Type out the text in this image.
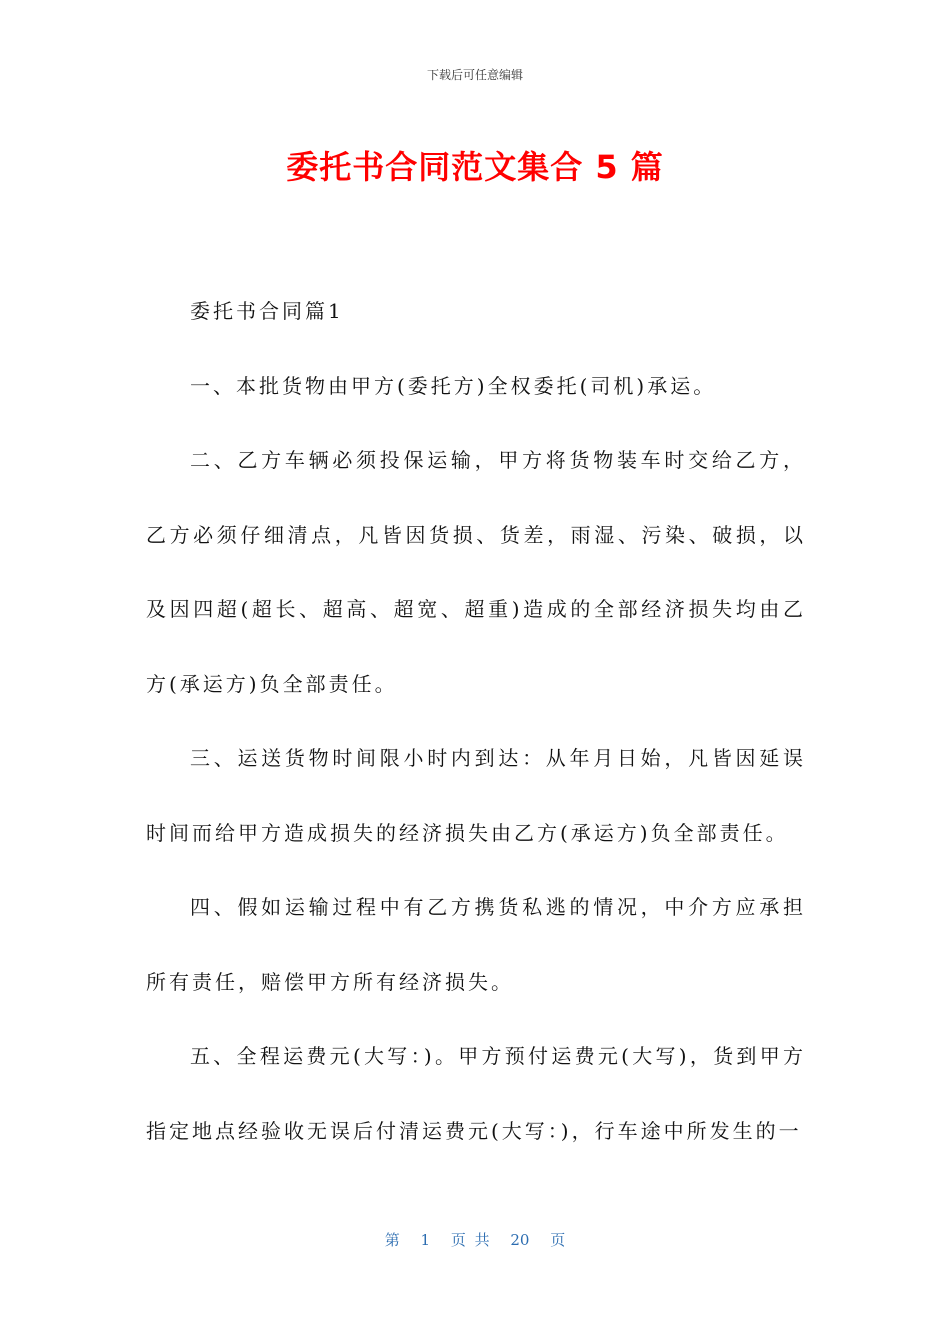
下载后可任意编辑
委托书合同范文集合 5 篇

委托书合同篇1

一、本批货物由甲方(委托方)全权委托(司机)承运。

二、乙方车辆必须投保运输，甲方将货物装车时交给乙方，乙方必须仔细清点，凡皆因货损、货差，雨湿、污染、破损，以及因四超(超长、超高、超宽、超重)造成的全部经济损失均由乙方(承运方)负全部责任。

三、运送货物时间限小时内到达：从年月日始，凡皆因延误时间而给甲方造成损失的经济损失由乙方(承运方)负全部责任。

四、假如运输过程中有乙方携货私逃的情况，中介方应承担所有责任，赔偿甲方所有经济损失。

五、全程运费元(大写：)。甲方预付运费元(大写)，货到甲方指定地点经验收无误后付清运费元(大写：)，行车途中所发生的一

第 1 页 共 20 页
